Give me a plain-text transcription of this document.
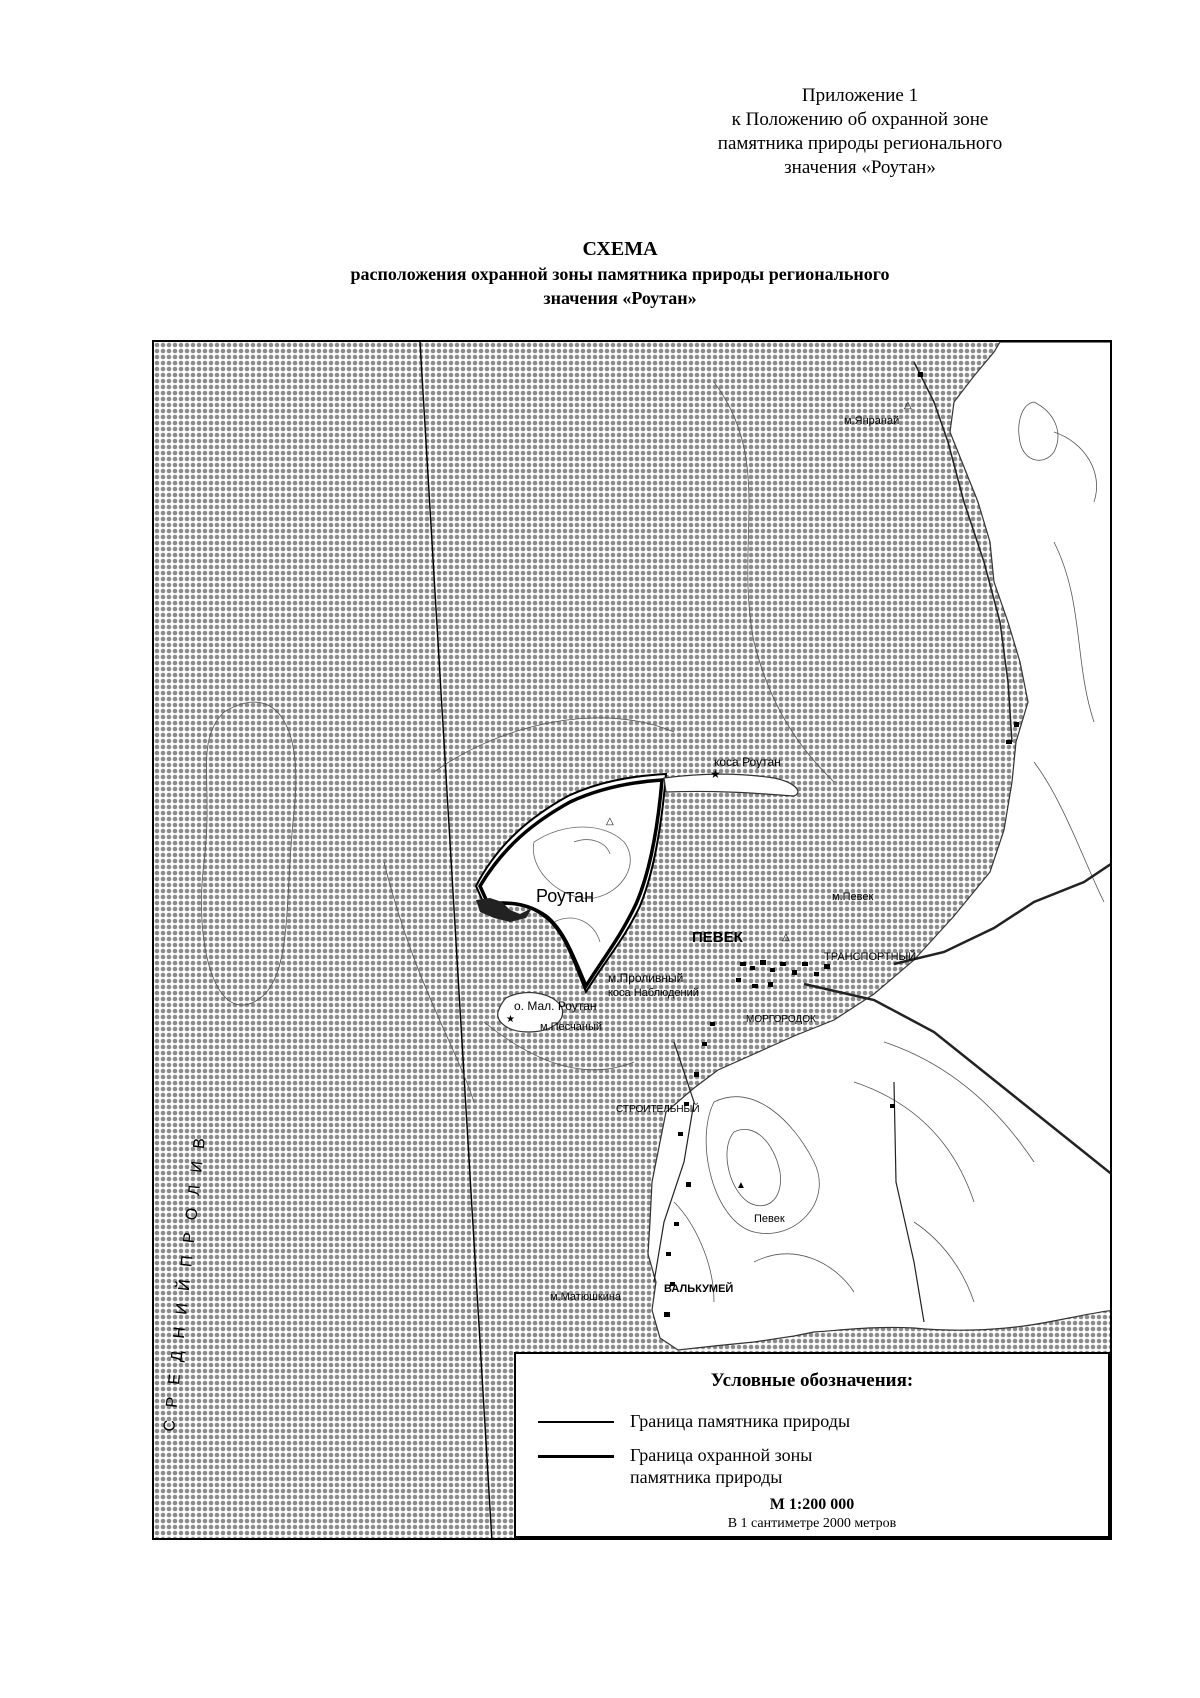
Приложение 1
к Положению об охранной зоне
памятника природы регионального
значения «Роутан»
СХЕМА
расположения охранной зоны памятника природы регионального
значения «Роутан»
Роутан
коса Роутан
о. Мал. Роутан
м.Песчаный
м.Проливный
коса Наблюдений
ПЕВЕК
ТРАНСПОРТНЫЙ
м.Певек
м.Янранай
ВАЛЬКУМЕЙ
м.Матюшкина
СТРОИТЕЛЬНЫЙ
Певек
МОРГОРОДОК
С Р Е Д Н И Й П Р О Л И В
★
★
△
△
△
▲
Условные обозначения:
Граница памятника природы
Граница охранной зоны
памятника природы
М 1:200 000
В 1 сантиметре 2000 метров
